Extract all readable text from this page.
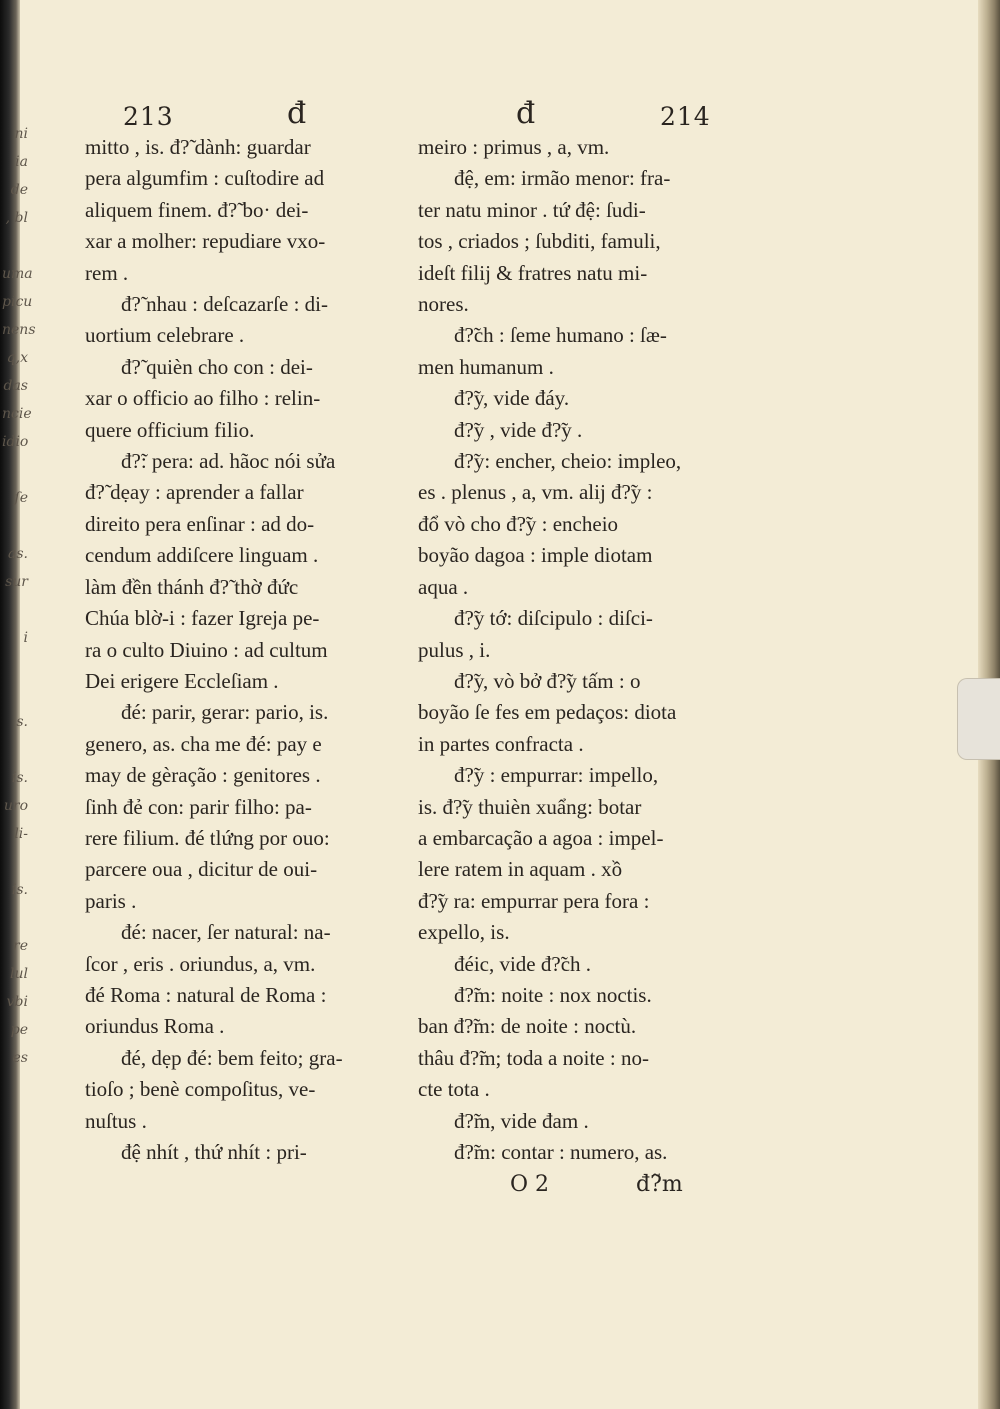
ni
ia de
, bl

uma
picu
nens
q,x
das
ncie
idio

ſe

as.
sur

i

s.

is.
uro
li-

is.

re
lul
vbi
pe
es
213	đ
mitto , is. đ?̃ dành: guardar
pera algumfim : cuſtodire ad
aliquem finem. đ?̃ bo· dei-
xar a molher: repudiare vxo-
rem .
đ?̃ nhau : deſcazarſe : di-
uortium celebrare .
đ?̃ quièn cho con : dei-
xar o officio ao filho : relin-
quere officium filio.
đ?̃: pera: ad. hãoc nói sửa
đ?̃ dẹay : aprender a fallar
direito pera enſinar : ad do-
cendum addiſcere linguam .
làm đền thánh đ?̃ thờ đức
Chúa blờ-i : fazer Igreja pe-
ra o culto Diuino : ad cultum
Dei erigere Eccleſiam .
đé: parir, gerar: pario, is.
genero, as. cha me đé: pay e
may de gèração : genitores .
ſinh đẻ con: parir filho: pa-
rere filium. đé tlứng por ouo:
parcere oua , dicitur de oui-
paris .
đé: nacer, ſer natural: na-
ſcor , eris . oriundus, a, vm.
đé Roma : natural de Roma :
oriundus Roma .
đé, dẹp đé: bem feito; gra-
tioſo ; benè compoſitus, ve-
nuſtus .
đệ nhít , thứ nhít : pri-
đ	214
meiro : primus , a, vm.
đệ, em: irmão menor: fra-
ter natu minor . tứ đệ: ſudi-
tos , criados ; ſubditi, famuli,
ideſt filij & fratres natu mi-
nores.
đ?̃ch : ſeme humano : ſæ-
men humanum .
đ?̃y, vide đáy.
đ?̃y , vide đ?̃y .
đ?̃y: encher, cheio: impleo,
es . plenus , a, vm. alij đ?̃y :
đổ vò cho đ?̃y : encheio
boyão dagoa : imple diotam
aqua .
đ?̃y tớ: diſcipulo : diſci-
pulus , i.
đ?̃y, vò bở đ?̃y tấm : o
boyão ſe fes em pedaços: diota
in partes confracta .
đ?̃y : empurrar: impello,
is. đ?̃y thuièn xuẩng: botar
a embarcação a agoa : impel-
lere ratem in aquam . xồ
đ?̃y ra: empurrar pera fora :
expello, is.
đéic, vide đ?̃ch .
đ?̃m: noite : nox noctis.
ban đ?̃m: de noite : noctù.
thâu đ?̃m; toda a noite : no-
cte tota .
đ?̃m, vide đam .
đ?̃m: contar : numero, as.
O 2	đ?̃m
